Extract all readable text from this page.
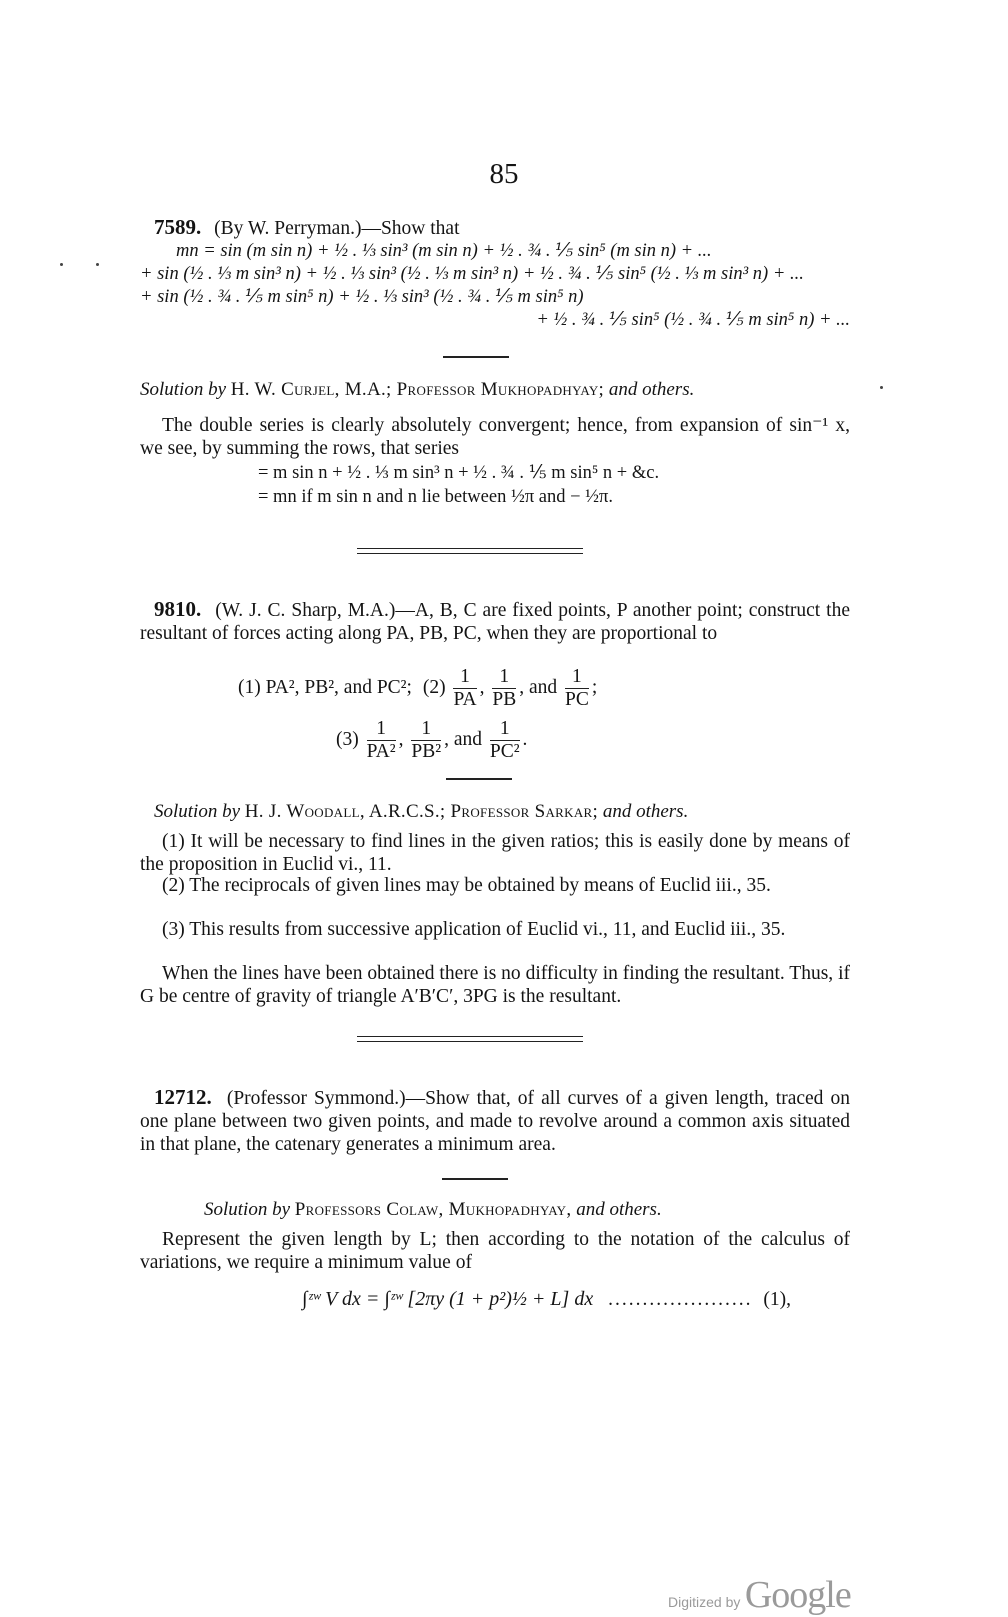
85
7589. (By W. Perryman.)—Show that
mn = sin (m sin n) + ½ . ⅓ sin³ (m sin n) + ½ . ¾ . ⅕ sin⁵ (m sin n) + ...
+ sin (½ . ⅓ m sin³ n) + ½ . ⅓ sin³ (½ . ⅓ m sin³ n) + ½ . ¾ . ⅕ sin⁵ (½ . ⅓ m sin³ n) + ...
+ sin (½ . ¾ . ⅕ m sin⁵ n) + ½ . ⅓ sin³ (½ . ¾ . ⅕ m sin⁵ n)
+ ½ . ¾ . ⅕ sin⁵ (½ . ¾ . ⅕ m sin⁵ n) + ...
Solution by H. W. Curjel, M.A.; Professor Mukhopadhyay; and others.
The double series is clearly absolutely convergent; hence, from expansion of sin⁻¹ x, we see, by summing the rows, that series
= m sin n + ½ . ⅓ m sin³ n + ½ . ¾ . ⅕ m sin⁵ n + &c.
= mn if m sin n and n lie between ½π and − ½π.
9810. (W. J. C. Sharp, M.A.)—A, B, C are fixed points, P another point; construct the resultant of forces acting along PA, PB, PC, when they are proportional to
(1) PA², PB², and PC²; $(2) \frac{1}{PA}$ , $\frac{1}{PB}$ , and $\frac{1}{PC}$ ;
$(3) \frac{1}{\text{PA²}}$ , $\frac{1}{\text{PB²}}$ , and $\frac{1}{\text{PC²}}$ .
Solution by H. J. Woodall, A.R.C.S.; Professor Sarkar; and others.
(1) It will be necessary to find lines in the given ratios; this is easily done by means of the proposition in Euclid vi., 11.
(2) The reciprocals of given lines may be obtained by means of Euclid iii., 35.
(3) This results from successive application of Euclid vi., 11, and Euclid iii., 35.
When the lines have been obtained there is no difficulty in finding the resultant. Thus, if G be centre of gravity of triangle A′B′C′, 3PG is the resultant.
12712. (Professor Symmond.)—Show that, of all curves of a given length, traced on one plane between two given points, and made to revolve around a common axis situated in that plane, the catenary generates a minimum area.
Solution by Professors Colaw, Mukhopadhyay, and others.
Represent the given length by L; then according to the notation of the calculus of variations, we require a minimum value of
∫ᶻʷ V dx = ∫ᶻʷ [2πy (1 + p²)½ + L] dx ..................... (1),
Digitized by Google
